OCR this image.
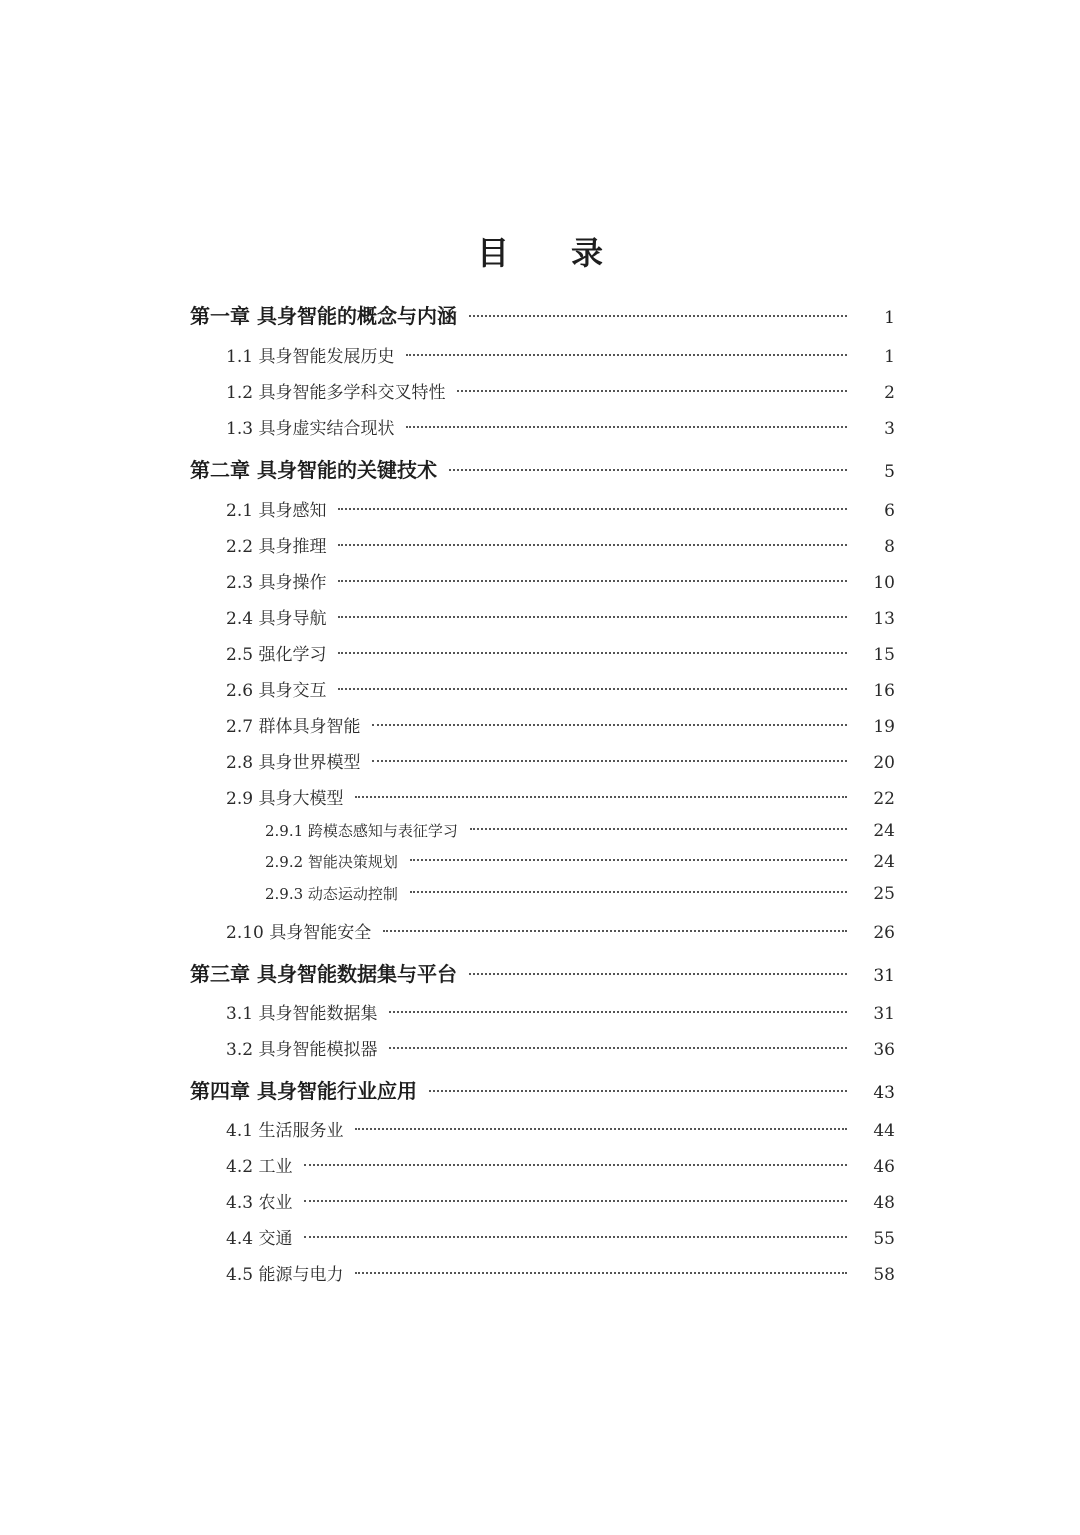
目 录
第一章 具身智能的概念与内涵	1
1.1 具身智能发展历史	1
1.2 具身智能多学科交叉特性	2
1.3 具身虚实结合现状	3
第二章 具身智能的关键技术	5
2.1 具身感知	6
2.2 具身推理	8
2.3 具身操作	10
2.4 具身导航	13
2.5 强化学习	15
2.6 具身交互	16
2.7 群体具身智能	19
2.8 具身世界模型	20
2.9 具身大模型	22
2.9.1 跨模态感知与表征学习	24
2.9.2 智能决策规划	24
2.9.3 动态运动控制	25
2.10 具身智能安全	26
第三章 具身智能数据集与平台	31
3.1 具身智能数据集	31
3.2 具身智能模拟器	36
第四章 具身智能行业应用	43
4.1 生活服务业	44
4.2 工业	46
4.3 农业	48
4.4 交通	55
4.5 能源与电力	58
